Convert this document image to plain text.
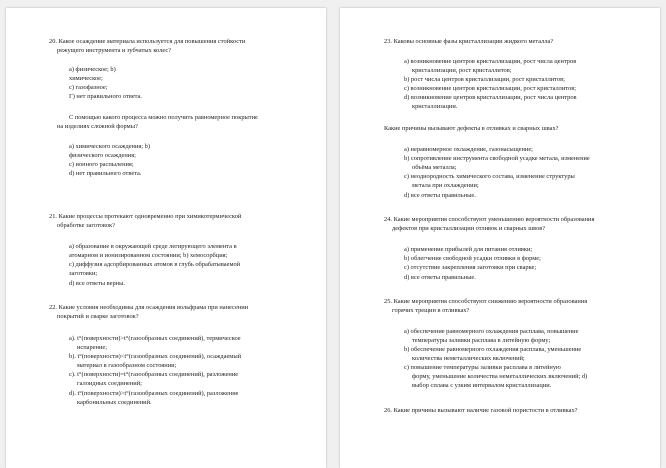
20. Какое осаждение материала используется для повышения стойкости
режущего инструмента и зубчатых колес?
а) физическое; b)
химическое;
c) газофазное;
Г) нет правильного ответа.
С помощью какого процесса можно получить равномерное покрытие
на изделиях сложной формы?
а) химического осаждения; b)
физического осаждения;
c) ионного распыления;
d) нет правильного ответа.
21. Какие процессы протекают одновременно при химикотермической
обработке заготовок?
а) образование в окружающей среде легирующего элемента в
атомарном и ионизированном состоянии; b) хемосорбция;
c) диффузия адсорбированных атомов в глубь обрабатываемой
заготовки;
d) все ответы верны.
22. Какие условия необходимы для осаждения вольфрама при нанесении
покрытий и сварке заготовок?
а). t°(поверхности)>t°(газообразных соединений), термическое
испарение;
b). t°(поверхности)<t°(газообразных соединений), осаждаемый
материал в газообразном состоянии;
c). t°(поверхности)=t°(газообразных соединений), разложение
галоидных соединений;
d). t°(поверхности)>t°(газообразных соединений), разложение
карбонильных соединений.
23. Каковы основные фазы кристаллизации жидкого металла?
а) возникновение центров кристаллизации, рост числа центров
кристаллизации, рост кристаллитов;
b) рост числа центров кристаллизации, рост кристаллитов;
c) возникновение центров кристаллизации, рост кристаллитов;
d) возникновение центров кристаллизации, рост числа центров
кристаллизации.
Какие причины вызывают дефекты в отливках и сварных швах?
а) неравномерное охлаждение, газонасыщение;
b) сопротивление инструмента свободной усадке метала, изменение
объёма металла;
c) неоднородность химического состава, изменение структуры
метала при охлаждении;
d) все ответы правильные.
24. Какие мероприятия способствуют уменьшению вероятности образования
дефектов при кристаллизации отливок и сварных швов?
а) применение прибылей для питания отливки;
b) облегчение свободной усадки отливки в форме;
c) отсутствие закрепления заготовки при сварке;
d) все ответы правильные.
25. Какие мероприятия способствуют снижению вероятности образования
горячих трещин в отливках?
а) обеспечение равномерного охлаждения расплава, повышение
температуры заливки расплава в литейную форму;
b) обеспечение равномерного охлаждения расплава, уменьшение
количества неметаллических включений;
c) повышение температуры заливки расплава в литейную
форму, уменьшение количества неметаллических включений; d)
выбор сплава с узким интервалом кристаллизации.
26. Какие причины вызывают наличие газовой пористости в отливках?
